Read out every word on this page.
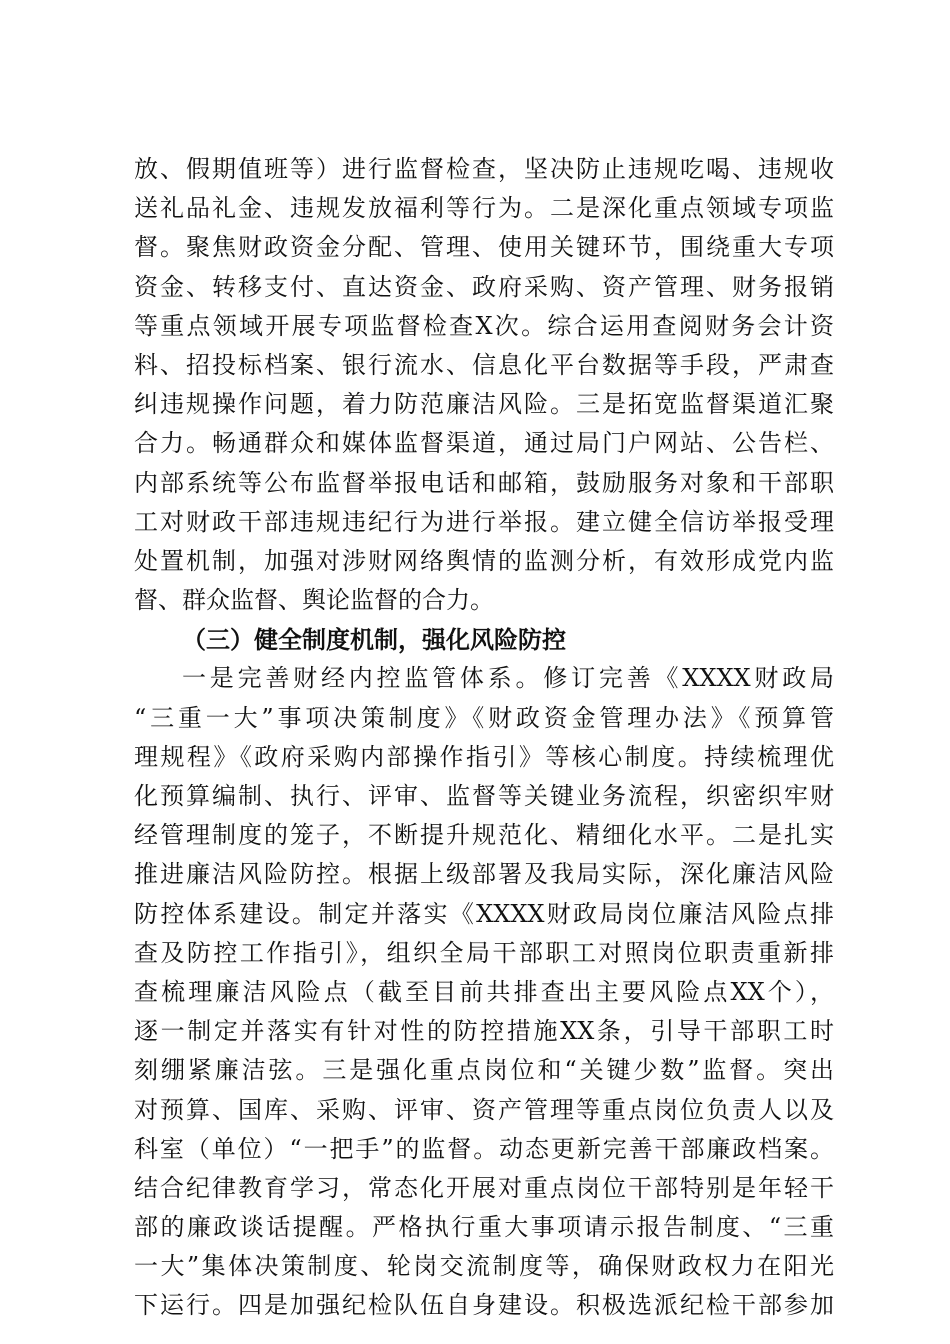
放、假期值班等）进行监督检查，坚决防止违规吃喝、违规收
送礼品礼金、违规发放福利等行为。二是深化重点领域专项监
督。聚焦财政资金分配、管理、使用关键环节，围绕重大专项
资金、转移支付、直达资金、政府采购、资产管理、财务报销
等重点领域开展专项监督检查X次。综合运用查阅财务会计资
料、招投标档案、银行流水、信息化平台数据等手段，严肃查
纠违规操作问题，着力防范廉洁风险。三是拓宽监督渠道汇聚
合力。畅通群众和媒体监督渠道，通过局门户网站、公告栏、
内部系统等公布监督举报电话和邮箱，鼓励服务对象和干部职
工对财政干部违规违纪行为进行举报。建立健全信访举报受理
处置机制，加强对涉财网络舆情的监测分析，有效形成党内监
督、群众监督、舆论监督的合力。
（三）健全制度机制，强化风险防控
一是完善财经内控监管体系。修订完善《XXXX财政局
“三重一大”事项决策制度》《财政资金管理办法》《预算管
理规程》《政府采购内部操作指引》等核心制度。持续梳理优
化预算编制、执行、评审、监督等关键业务流程，织密织牢财
经管理制度的笼子，不断提升规范化、精细化水平。二是扎实
推进廉洁风险防控。根据上级部署及我局实际，深化廉洁风险
防控体系建设。制定并落实《XXXX财政局岗位廉洁风险点排
查及防控工作指引》，组织全局干部职工对照岗位职责重新排
查梳理廉洁风险点（截至目前共排查出主要风险点XX个），
逐一制定并落实有针对性的防控措施XX条，引导干部职工时
刻绷紧廉洁弦。三是强化重点岗位和“关键少数”监督。突出
对预算、国库、采购、评审、资产管理等重点岗位负责人以及
科室（单位）“一把手”的监督。动态更新完善干部廉政档案。
结合纪律教育学习，常态化开展对重点岗位干部特别是年轻干
部的廉政谈话提醒。严格执行重大事项请示报告制度、“三重
一大”集体决策制度、轮岗交流制度等，确保财政权力在阳光
下运行。四是加强纪检队伍自身建设。积极选派纪检干部参加
